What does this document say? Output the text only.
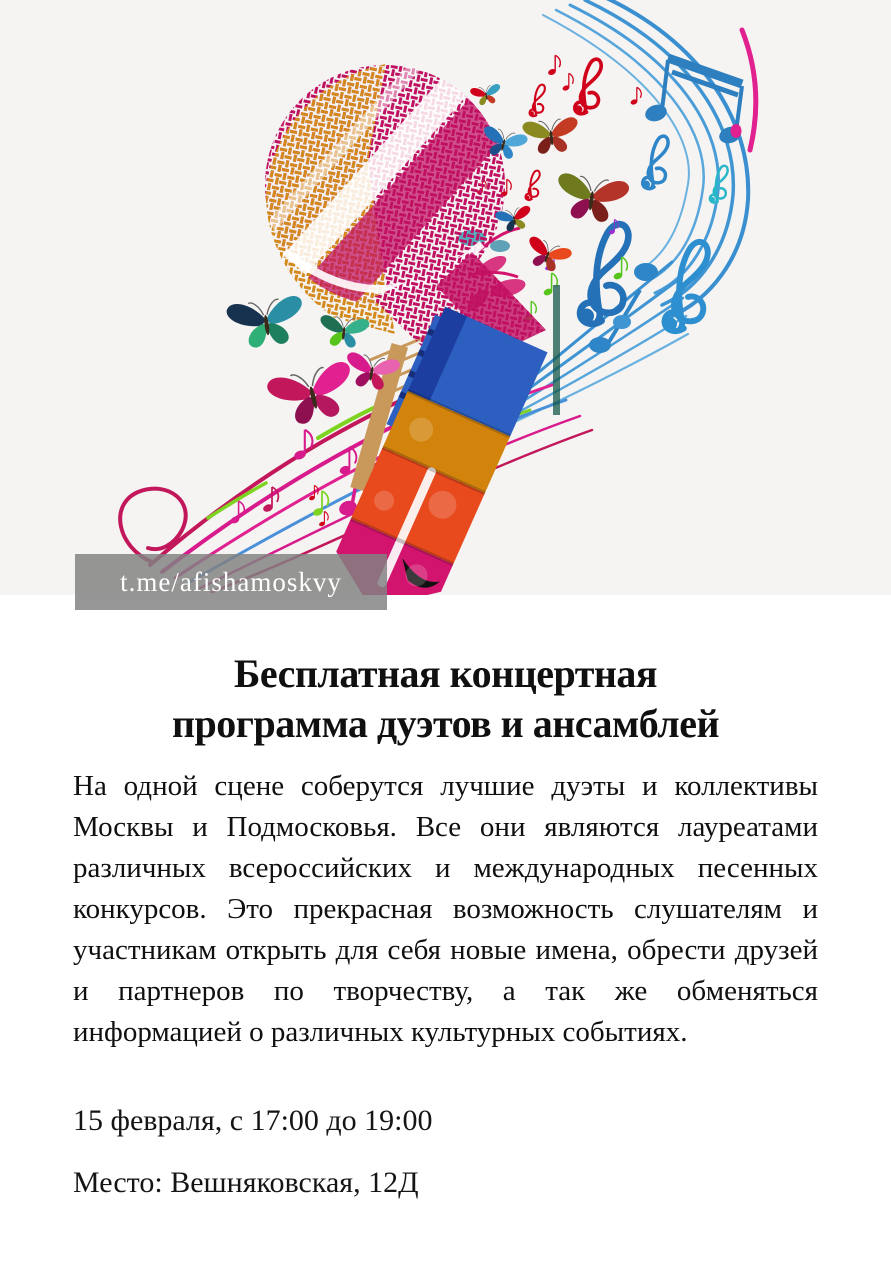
t.me/afishamoskvy
Бесплатная концертная
программа дуэтов и ансамблей

На одной сцене соберутся лучшие дуэты и коллективы Москвы и Подмосковья. Все они являются лауреатами различных всероссийских и международных песенных конкурсов. Это прекрасная возможность слушателям и участникам открыть для себя новые имена, обрести друзей и партнеров по творчеству, а так же обменяться информацией о различных культурных событиях.

15 февраля, с 17:00 до 19:00

Место: Вешняковская, 12Д
